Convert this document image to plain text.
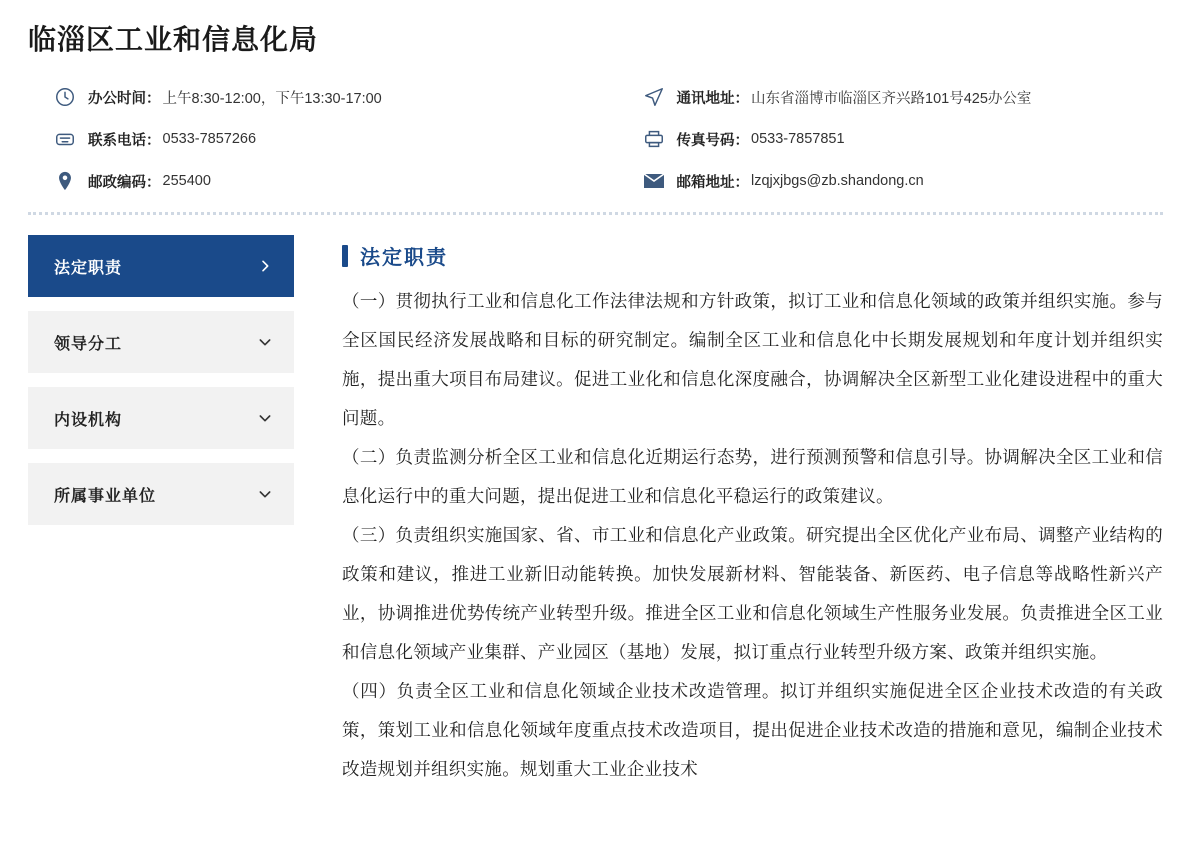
临淄区工业和信息化局
办公时间： 上午8:30-12:00，下午13:30-17:00	通讯地址： 山东省淄博市临淄区齐兴路101号425办公室
联系电话： 0533-7857266	传真号码： 0533-7857851
邮政编码： 255400	邮箱地址： lzqjxjbgs@zb.shandong.cn
法定职责
领导分工
内设机构
所属事业单位
法定职责

（一）贯彻执行工业和信息化工作法律法规和方针政策，拟订工业和信息化领域的政策并组织实施。参与全区国民经济发展战略和目标的研究制定。编制全区工业和信息化中长期发展规划和年度计划并组织实施，提出重大项目布局建议。促进工业化和信息化深度融合，协调解决全区新型工业化建设进程中的重大问题。

（二）负责监测分析全区工业和信息化近期运行态势，进行预测预警和信息引导。协调解决全区工业和信息化运行中的重大问题，提出促进工业和信息化平稳运行的政策建议。

（三）负责组织实施国家、省、市工业和信息化产业政策。研究提出全区优化产业布局、调整产业结构的政策和建议，推进工业新旧动能转换。加快发展新材料、智能装备、新医药、电子信息等战略性新兴产业，协调推进优势传统产业转型升级。推进全区工业和信息化领域生产性服务业发展。负责推进全区工业和信息化领域产业集群、产业园区（基地）发展，拟订重点行业转型升级方案、政策并组织实施。

（四）负责全区工业和信息化领域企业技术改造管理。拟订并组织实施促进全区企业技术改造的有关政策，策划工业和信息化领域年度重点技术改造项目，提出促进企业技术改造的措施和意见，编制企业技术改造规划并组织实施。规划重大工业企业技术
